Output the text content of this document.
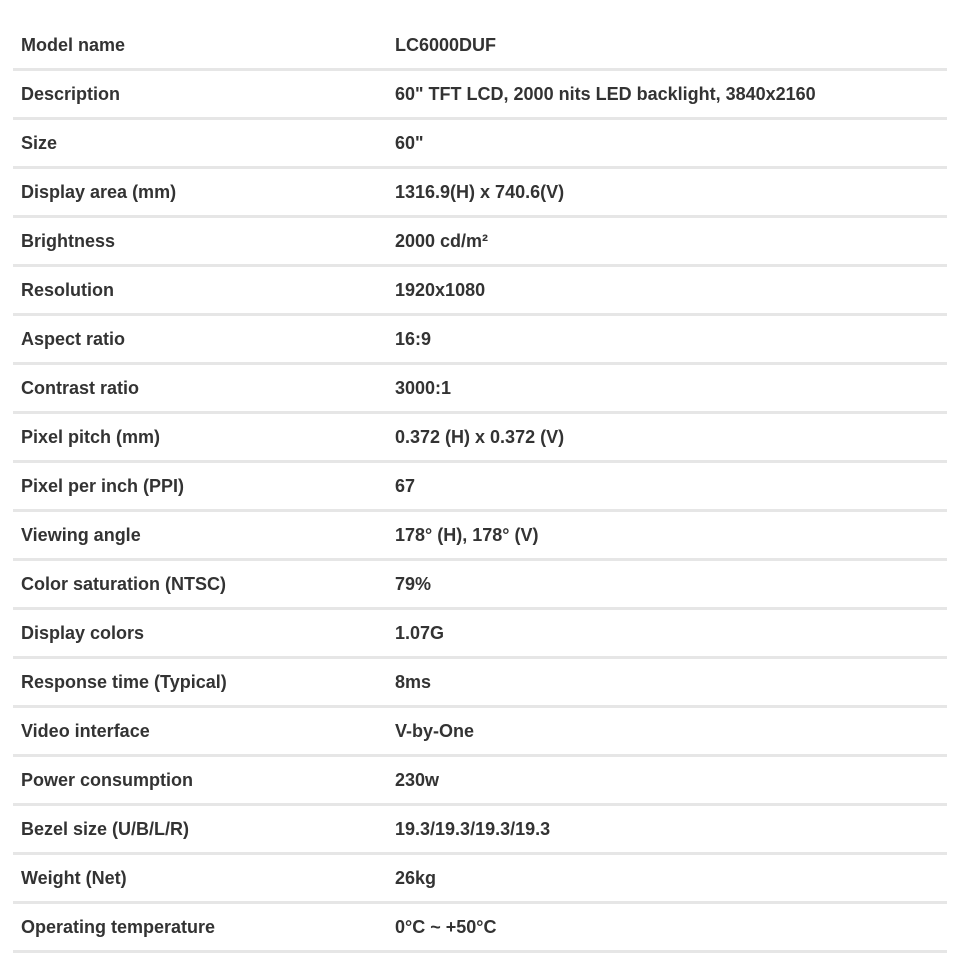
Model name	LC6000DUF
Description	60" TFT LCD, 2000 nits LED backlight, 3840x2160
Size	60"
Display area (mm)	1316.9(H) x 740.6(V)
Brightness	2000 cd/m²
Resolution	1920x1080
Aspect ratio	16:9
Contrast ratio	3000:1
Pixel pitch (mm)	0.372 (H) x 0.372 (V)
Pixel per inch (PPI)	67
Viewing angle	178° (H), 178° (V)
Color saturation (NTSC)	79%
Display colors	1.07G
Response time (Typical)	8ms
Video interface	V-by-One
Power consumption	230w
Bezel size (U/B/L/R)	19.3/19.3/19.3/19.3
Weight (Net)	26kg
Operating temperature	0°C ~ +50°C
